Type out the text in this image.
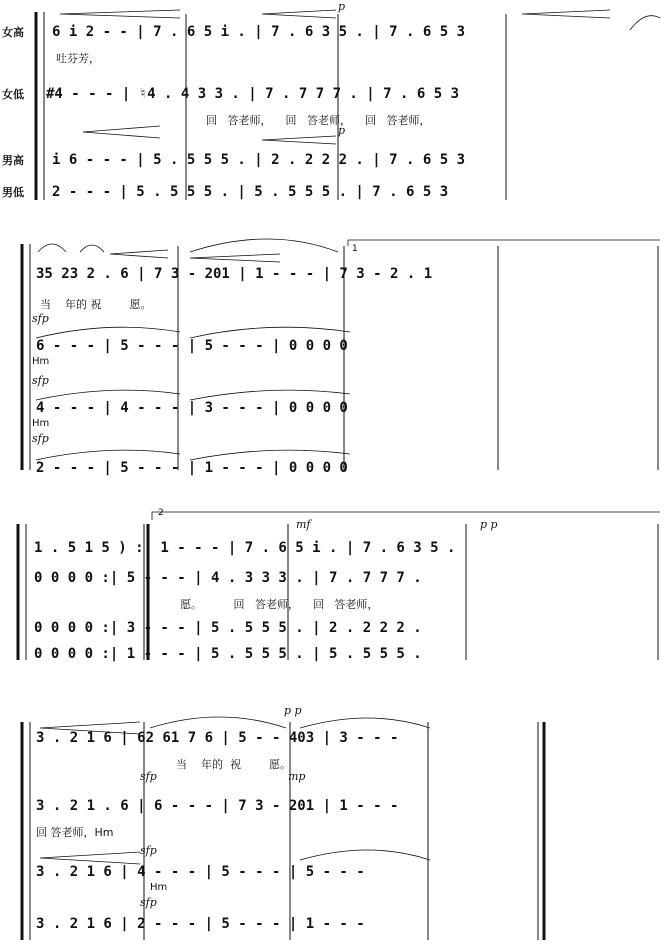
女高
女低
男高
男低
p
p
6 i 2 - - | 7 . 6 5 i . | 7 . 6 3 5 . | 7 . 6 5 3
吐芬芳，
#4 - - - | ♮4 . 4 3 3 . | 7 . 7 7 7 . | 7 . 6 5 3
回   答老师，    回   答老师，    回   答老师，
i 6 - - - | 5 . 5 5 5 . | 2 . 2 2 2 . | 7 . 6 5 3
2 - - - | 5 . 5 5 5 . | 5 . 5 5 5 . | 7 . 6 5 3
35 23 2 . 6 | 7 3 - 201 | 1 - - - | 7 3 - 2 . 1
当    年的 祝        愿。
sfp
6 - - - | 5 - - - | 5 - - - | 0 0 0 0
Hm
sfp
4 - - - | 4 - - - | 3 - - - | 0 0 0 0
Hm
sfp
2 - - - | 5 - - - | 1 - - - | 0 0 0 0
1
2
mf	p p
1 . 5 1 5 ) :| 1 - - - | 7 . 6 5 i . | 7 . 6 3 5 .
0 0 0 0 :| 5 - - - | 4 . 3 3 3 . | 7 . 7 7 7 .
愿。         回   答老师，    回   答老师，
0 0 0 0 :| 3 - - - | 5 . 5 5 5 . | 2 . 2 2 2 .
0 0 0 0 :| 1 - - - | 5 . 5 5 5 . | 5 . 5 5 5 .
p p
3 . 2 1 6 | 62 61 7 6 | 5 - - 403 | 3 - - -
当    年的  祝        愿。
sfp	mp
3 . 2 1 . 6 | 6 - - - | 7 3 - 201 | 1 - - -
回 答老师，Hm
sfp
3 . 2 1 6 | 4 - - - | 5 - - - | 5 - - -
Hm
sfp
3 . 2 1 6 | 2 - - - | 5 - - - | 1 - - -
